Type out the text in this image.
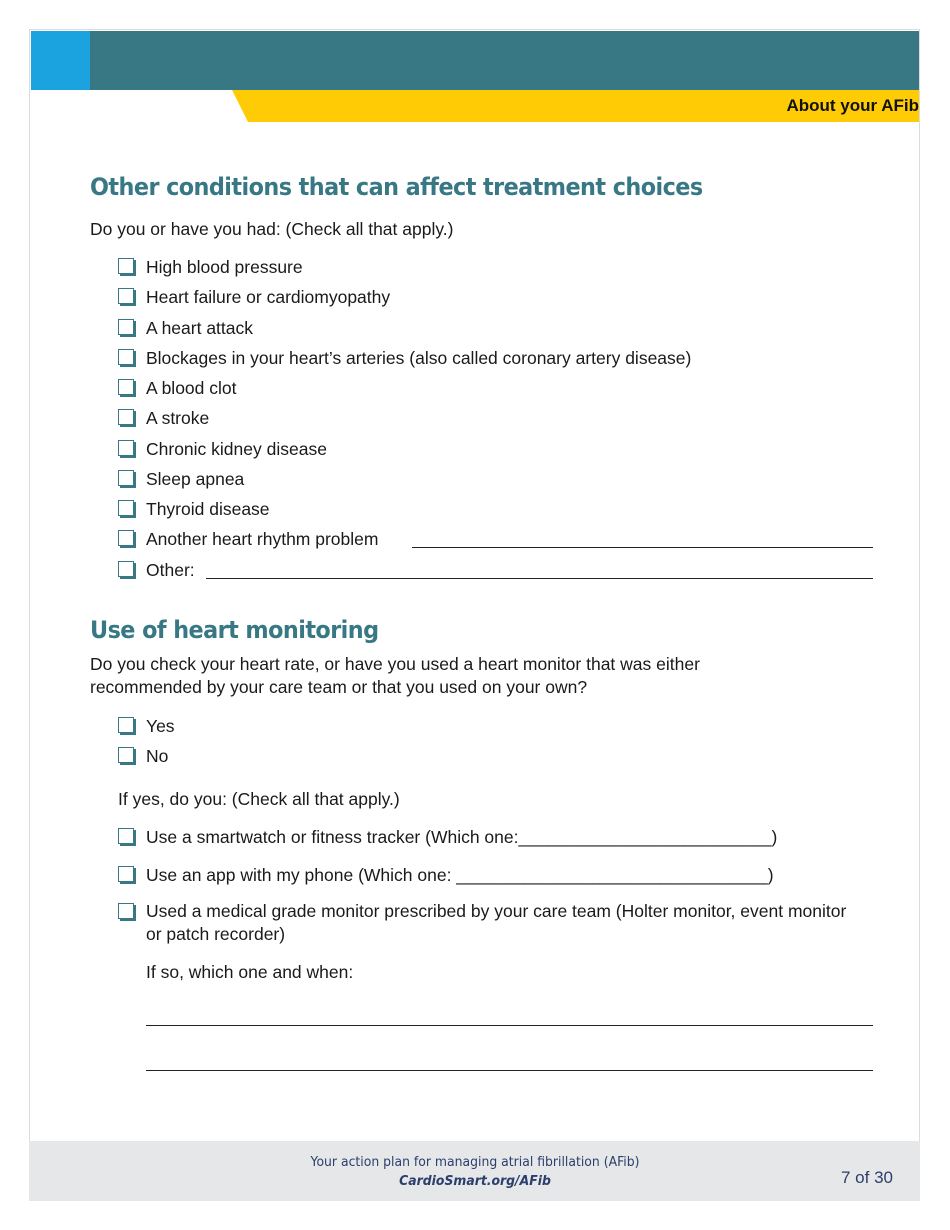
About your AFib
Other conditions that can affect treatment choices
Do you or have you had: (Check all that apply.)
High blood pressure
Heart failure or cardiomyopathy
A heart attack
Blockages in your heart’s arteries (also called coronary artery disease)
A blood clot
A stroke
Chronic kidney disease
Sleep apnea
Thyroid disease
Another heart rhythm problem
Other:
Use of heart monitoring
Do you check your heart rate, or have you used a heart monitor that was either recommended by your care team or that you used on your own?
Yes
No
If yes, do you: (Check all that apply.)
Use a smartwatch or fitness tracker (Which one:__________________________)
Use an app with my phone (Which one: ________________________________)
Used a medical grade monitor prescribed by your care team (Holter monitor, event monitor or patch recorder)
If so, which one and when:
Your action plan for managing atrial fibrillation (AFib)
CardioSmart.org/AFib	7 of 30
